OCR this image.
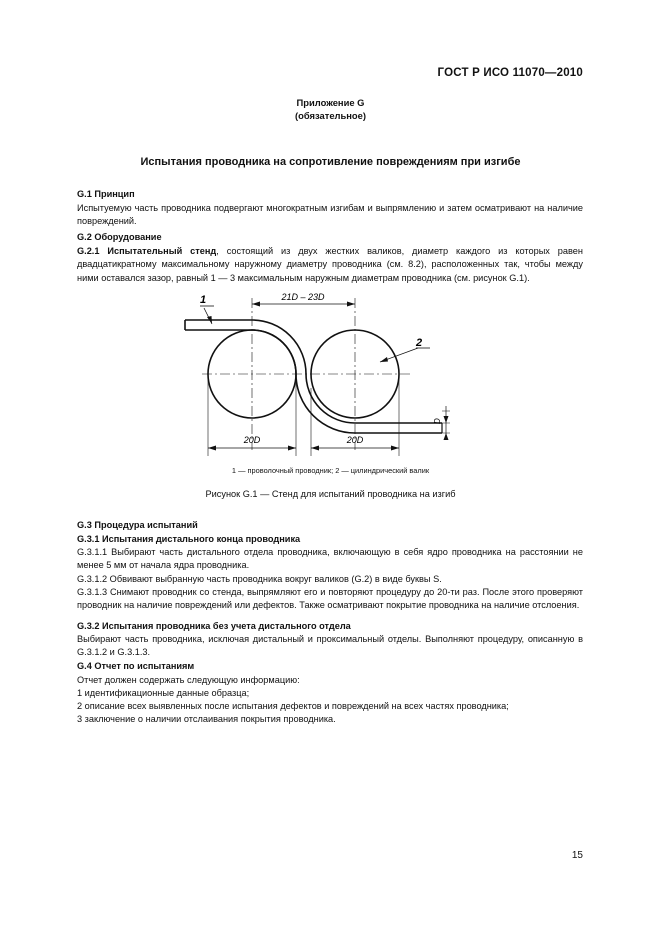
ГОСТ Р ИСО 11070—2010
Приложение G
(обязательное)
Испытания проводника на сопротивление повреждениям при изгибе
G.1 Принцип
Испытуемую часть проводника подвергают многократным изгибам и выпрямлению и затем осматривают на наличие повреждений.
G.2 Оборудование
G.2.1 Испытательный стенд, состоящий из двух жестких валиков, диаметр каждого из которых равен двадцатикратному максимальному наружному диаметру проводника (см. 8.2), расположенных так, чтобы между ними оставался зазор, равный 1 — 3 максимальным наружным диаметрам проводника (см. рисунок G.1).
1
2
21D – 23D
20D	20D
D
1 — проволочный проводник; 2 — цилиндрический валик
Рисунок G.1 — Стенд для испытаний проводника на изгиб
G.3 Процедура испытаний
G.3.1 Испытания дистального конца проводника
G.3.1.1 Выбирают часть дистального отдела проводника, включающую в себя ядро проводника на расстоянии не менее 5 мм от начала ядра проводника.
G.3.1.2 Обвивают выбранную часть проводника вокруг валиков (G.2) в виде буквы S.
G.3.1.3 Снимают проводник со стенда, выпрямляют его и повторяют процедуру до 20-ти раз. После этого проверяют проводник на наличие повреждений или дефектов. Также осматривают покрытие проводника на наличие отслоения.
G.3.2 Испытания проводника без учета дистального отдела
Выбирают часть проводника, исключая дистальный и проксимальный отделы. Выполняют процедуру, описанную в G.3.1.2 и G.3.1.3.
G.4 Отчет по испытаниям
Отчет должен содержать следующую информацию:
1 идентификационные данные образца;
2 описание всех выявленных после испытания дефектов и повреждений на всех частях проводника;
3 заключение о наличии отслаивания покрытия проводника.
15
